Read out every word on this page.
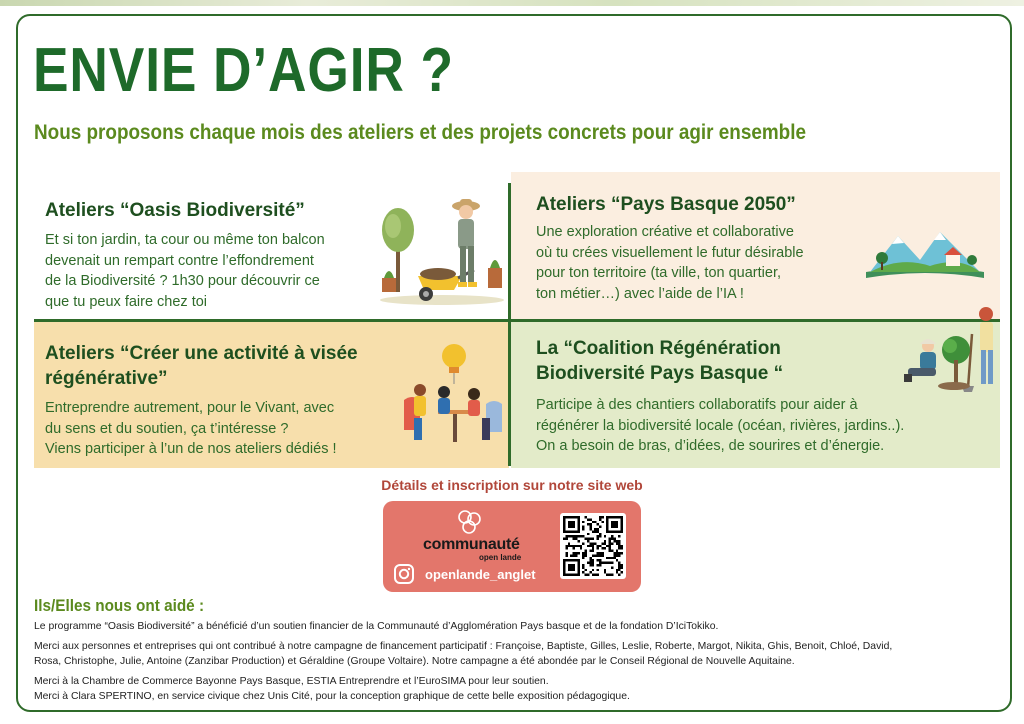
ENVIE D’AGIR ?
Nous proposons chaque mois des ateliers et des projets concrets pour agir ensemble
Ateliers “Oasis Biodiversité”
Et si ton jardin, ta cour ou même ton balcon
devenait un rempart contre l’effondrement
de la Biodiversité ? 1h30 pour découvrir ce
que tu peux faire chez toi
Ateliers “Pays Basque 2050”
Une exploration créative et collaborative
où tu crées visuellement le futur désirable
pour ton territoire (ta ville, ton quartier,
ton métier…) avec l’aide de l’IA !
Ateliers “Créer une activité à visée
régénérative”
Entreprendre autrement, pour le Vivant, avec
du sens et du soutien, ça t’intéresse ?
Viens participer à l’un de nos ateliers dédiés !
La “Coalition Régénération
Biodiversité Pays Basque “
Participe à des chantiers collaboratifs pour aider à
régénérer la biodiversité locale (océan, rivières, jardins..).
On a besoin de bras, d’idées, de sourires et d’énergie.
Détails et inscription sur notre site web
communauté
open lande
openlande_anglet
Ils/Elles nous ont aidé :

Le programme “Oasis Biodiversité” a bénéficié d’un soutien financier de la Communauté d’Agglomération Pays basque et de la fondation D’IciTokiko.

Merci aux personnes et entreprises qui ont contribué à notre campagne de financement participatif : Françoise, Baptiste, Gilles, Leslie, Roberte, Margot, Nikita, Ghis, Benoit, Chloé, David,
Rosa, Christophe, Julie, Antoine (Zanzibar Production) et Géraldine (Groupe Voltaire). Notre campagne a été abondée par le Conseil Régional de Nouvelle Aquitaine.

Merci à la Chambre de Commerce Bayonne Pays Basque, ESTIA Entreprendre et l’EuroSIMA pour leur soutien.
Merci à Clara SPERTINO, en service civique chez Unis Cité, pour la conception graphique de cette belle exposition pédagogique.
